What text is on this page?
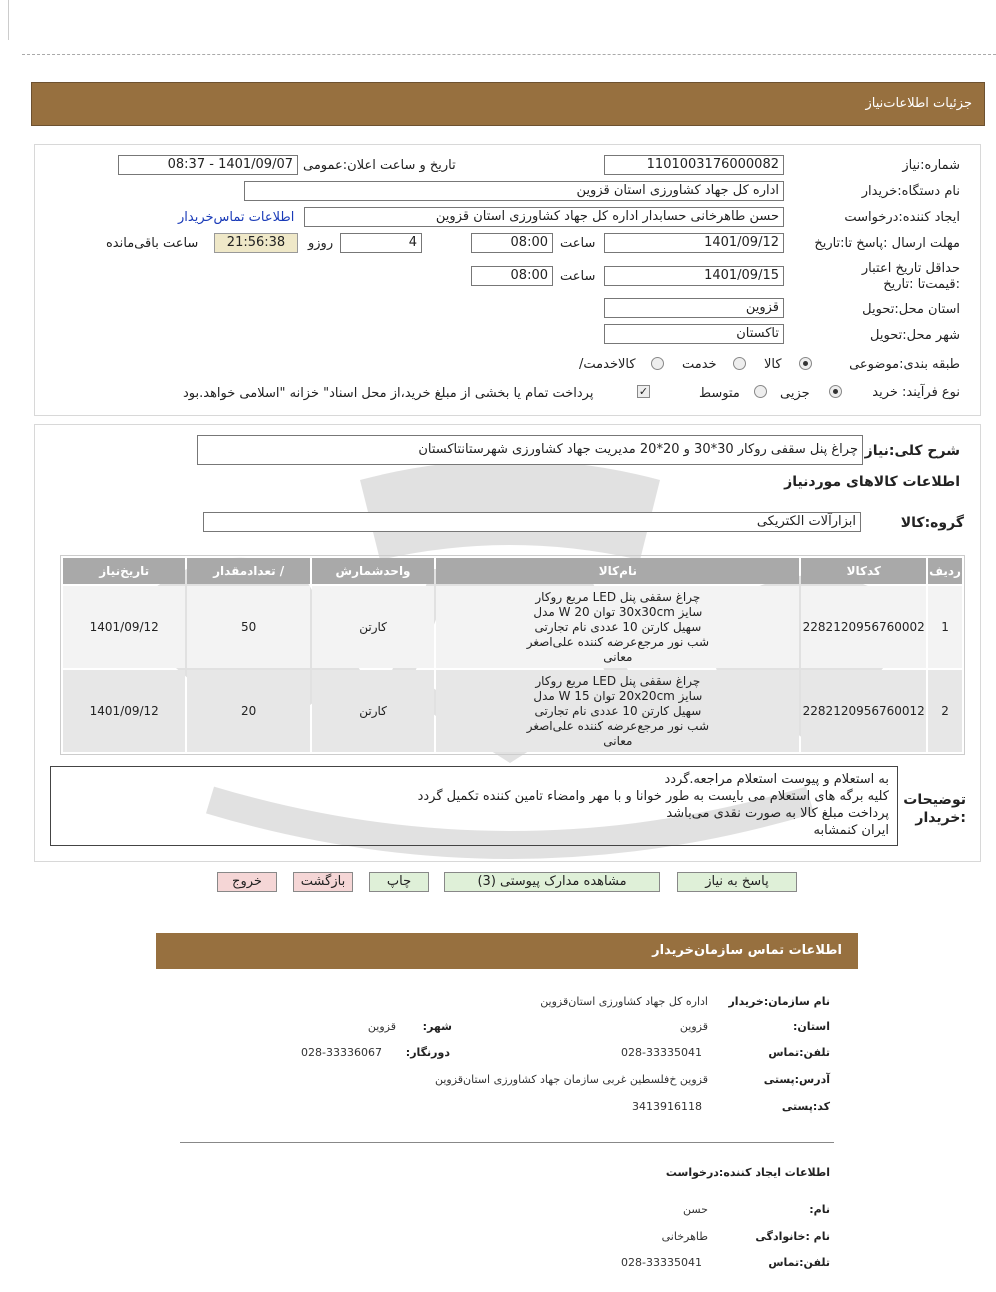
جزئیات اطلاعات‌نیاز
شماره:نیاز
1101003176000082
تاریخ و ساعت اعلان:عمومی
1401/09/07 - 08:37
نام دستگاه:خریدار
اداره کل جهاد کشاورزی استان قزوین
ایجاد کننده:درخواست
حسن طاهرخانی حسابدار اداره کل جهاد کشاورزی استان قزوین
اطلاعات تماس‌خریدار
مهلت ارسال :پاسخ تا:تاریخ
1401/09/12
ساعت
08:00
4
روزو
21:56:38
ساعت باقی‌مانده
حداقل تاریخ اعتبار :قیمت‌تا :تاریخ
1401/09/15
ساعت
08:00
استان محل:تحویل
قزوین
شهر محل:تحویل
تاکستان
طبقه بندی:موضوعی
کالا
خدمت
/کالاخدمت
نوع فرآیند: خرید
جزیی
متوسط
✓
پرداخت تمام یا بخشی از مبلغ خرید،از محل اسناد" خزانه "اسلامی خواهد.بود
شرح کلی:نیاز
چراغ پنل سقفی روکار 30*30 و 20*20 مدیریت جهاد کشاورزی شهرستانتاکستان
اطلاعات کالاهای موردنیاز
گروه:کالا
ابزارآلات الکتریکی
ردیف	کدکالا	نام‌کالا	واحدشمارش	/ تعدادمقدار	تاریخ‌نیاز
1	2282120956760002	چراغ سقفی پنل LED مربع روکار سایز 30x30cm توان 20 W مدل سهیل کارتن 10 عددی نام تجارتی شب نور مرجع‌عرضه کننده علی‌اصغر معانی	کارتن	50	1401/09/12
2	2282120956760012	چراغ سقفی پنل LED مربع روکار سایز 20x20cm توان 15 W مدل سهیل کارتن 10 عددی نام تجارتی شب نور مرجع‌عرضه کننده علی‌اصغر معانی	کارتن	20	1401/09/12
توضیحات :خریدار
به استعلام و پیوست استعلام مراجعه.گردد
کلیه برگه های استعلام می بایست به طور خوانا و با مهر وامضاء تامین کننده تکمیل گردد
پرداخت مبلغ کالا به صورت نقدی می‌باشد
ایران کنمشابه
پاسخ به نیاز
مشاهده مدارک پیوستی (3)
چاپ
بازگشت
خروج
اطلاعات تماس سازمان‌خریدار
نام سازمان:خریدار
اداره کل جهاد کشاورزی استان‌قزوین
:استان
قزوین
:شهر
قزوین
تلفن:تماس
028-33335041
:دورنگار
028-33336067
آدرس:پستی
قزوین خ‌فلسطین غربی سازمان جهاد کشاورزی استان‌قزوین
کد:پستی
3413916118
اطلاعات ایجاد کننده:درخواست
:نام
حسن
نام :خانوادگی
طاهرخانی
تلفن:تماس
028-33335041
